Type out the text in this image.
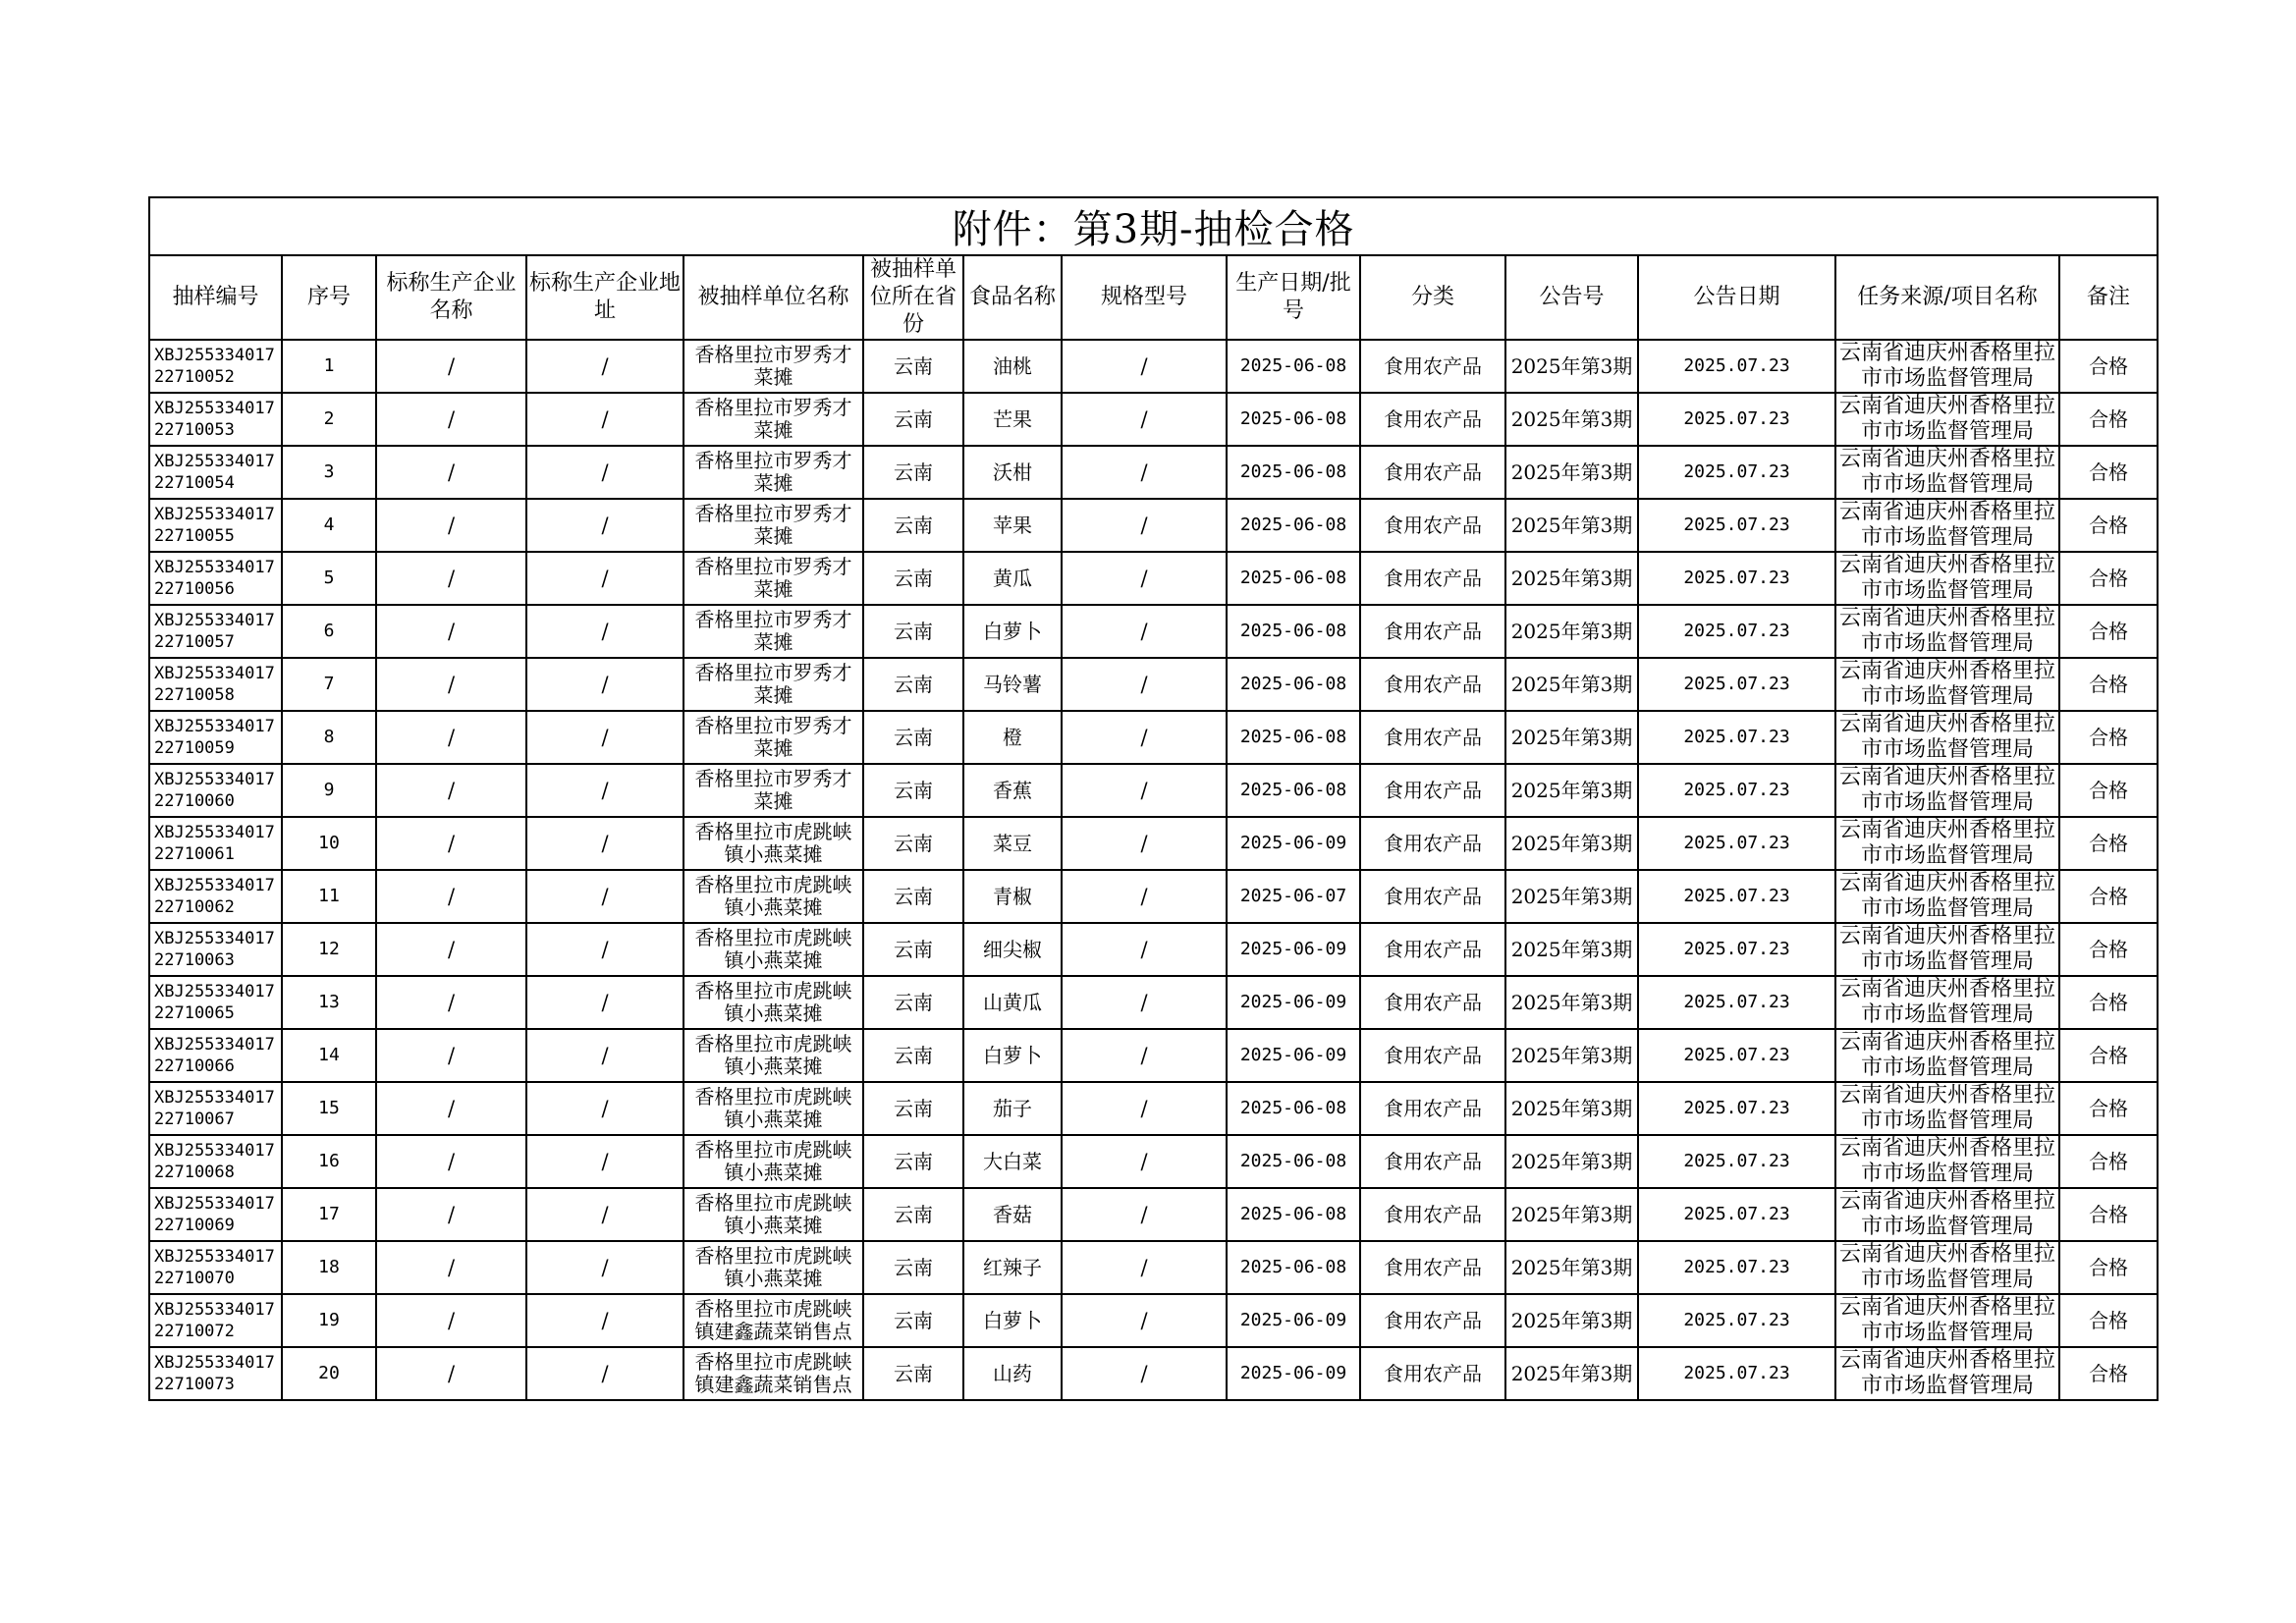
附件：第3期-抽检合格													
抽样编号	序号	标称生产企业名称	标称生产企业地址	被抽样单位名称	被抽样单位所在省份	食品名称	规格型号	生产日期/批号	分类	公告号	公告日期	任务来源/项目名称	备注
XBJ25533401722710052	1	/	/	香格里拉市罗秀才菜摊	云南	油桃	/	2025-06-08	食用农产品	2025年第3期	2025.07.23	云南省迪庆州香格里拉市市场监督管理局	合格
XBJ25533401722710053	2	/	/	香格里拉市罗秀才菜摊	云南	芒果	/	2025-06-08	食用农产品	2025年第3期	2025.07.23	云南省迪庆州香格里拉市市场监督管理局	合格
XBJ25533401722710054	3	/	/	香格里拉市罗秀才菜摊	云南	沃柑	/	2025-06-08	食用农产品	2025年第3期	2025.07.23	云南省迪庆州香格里拉市市场监督管理局	合格
XBJ25533401722710055	4	/	/	香格里拉市罗秀才菜摊	云南	苹果	/	2025-06-08	食用农产品	2025年第3期	2025.07.23	云南省迪庆州香格里拉市市场监督管理局	合格
XBJ25533401722710056	5	/	/	香格里拉市罗秀才菜摊	云南	黄瓜	/	2025-06-08	食用农产品	2025年第3期	2025.07.23	云南省迪庆州香格里拉市市场监督管理局	合格
XBJ25533401722710057	6	/	/	香格里拉市罗秀才菜摊	云南	白萝卜	/	2025-06-08	食用农产品	2025年第3期	2025.07.23	云南省迪庆州香格里拉市市场监督管理局	合格
XBJ25533401722710058	7	/	/	香格里拉市罗秀才菜摊	云南	马铃薯	/	2025-06-08	食用农产品	2025年第3期	2025.07.23	云南省迪庆州香格里拉市市场监督管理局	合格
XBJ25533401722710059	8	/	/	香格里拉市罗秀才菜摊	云南	橙	/	2025-06-08	食用农产品	2025年第3期	2025.07.23	云南省迪庆州香格里拉市市场监督管理局	合格
XBJ25533401722710060	9	/	/	香格里拉市罗秀才菜摊	云南	香蕉	/	2025-06-08	食用农产品	2025年第3期	2025.07.23	云南省迪庆州香格里拉市市场监督管理局	合格
XBJ25533401722710061	10	/	/	香格里拉市虎跳峡镇小燕菜摊	云南	菜豆	/	2025-06-09	食用农产品	2025年第3期	2025.07.23	云南省迪庆州香格里拉市市场监督管理局	合格
XBJ25533401722710062	11	/	/	香格里拉市虎跳峡镇小燕菜摊	云南	青椒	/	2025-06-07	食用农产品	2025年第3期	2025.07.23	云南省迪庆州香格里拉市市场监督管理局	合格
XBJ25533401722710063	12	/	/	香格里拉市虎跳峡镇小燕菜摊	云南	细尖椒	/	2025-06-09	食用农产品	2025年第3期	2025.07.23	云南省迪庆州香格里拉市市场监督管理局	合格
XBJ25533401722710065	13	/	/	香格里拉市虎跳峡镇小燕菜摊	云南	山黄瓜	/	2025-06-09	食用农产品	2025年第3期	2025.07.23	云南省迪庆州香格里拉市市场监督管理局	合格
XBJ25533401722710066	14	/	/	香格里拉市虎跳峡镇小燕菜摊	云南	白萝卜	/	2025-06-09	食用农产品	2025年第3期	2025.07.23	云南省迪庆州香格里拉市市场监督管理局	合格
XBJ25533401722710067	15	/	/	香格里拉市虎跳峡镇小燕菜摊	云南	茄子	/	2025-06-08	食用农产品	2025年第3期	2025.07.23	云南省迪庆州香格里拉市市场监督管理局	合格
XBJ25533401722710068	16	/	/	香格里拉市虎跳峡镇小燕菜摊	云南	大白菜	/	2025-06-08	食用农产品	2025年第3期	2025.07.23	云南省迪庆州香格里拉市市场监督管理局	合格
XBJ25533401722710069	17	/	/	香格里拉市虎跳峡镇小燕菜摊	云南	香菇	/	2025-06-08	食用农产品	2025年第3期	2025.07.23	云南省迪庆州香格里拉市市场监督管理局	合格
XBJ25533401722710070	18	/	/	香格里拉市虎跳峡镇小燕菜摊	云南	红辣子	/	2025-06-08	食用农产品	2025年第3期	2025.07.23	云南省迪庆州香格里拉市市场监督管理局	合格
XBJ25533401722710072	19	/	/	香格里拉市虎跳峡镇建鑫蔬菜销售点	云南	白萝卜	/	2025-06-09	食用农产品	2025年第3期	2025.07.23	云南省迪庆州香格里拉市市场监督管理局	合格
XBJ25533401722710073	20	/	/	香格里拉市虎跳峡镇建鑫蔬菜销售点	云南	山药	/	2025-06-09	食用农产品	2025年第3期	2025.07.23	云南省迪庆州香格里拉市市场监督管理局	合格
